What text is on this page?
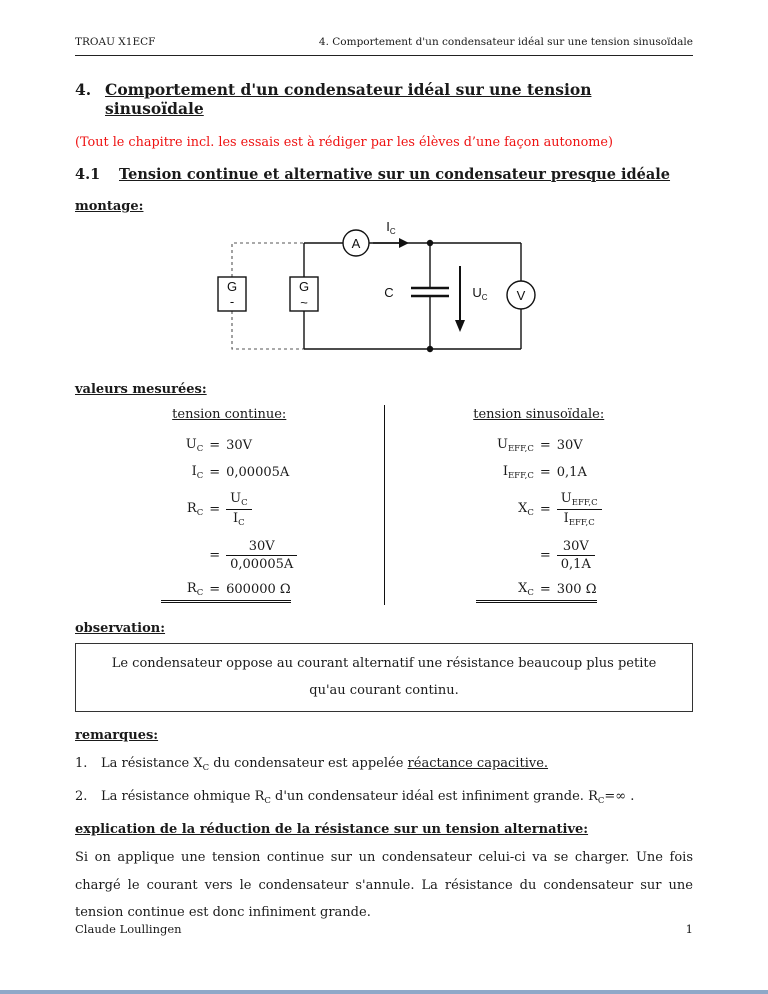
TROAU X1ECF	4. Comportement d'un condensateur idéal sur une tension sinusoïdale
4. Comportement d'un condensateur idéal sur une tension sinusoïdale

(Tout le chapitre incl. les essais est à rédiger par les élèves d’une façon autonome)

4.1	Tension continue et alternative sur un condensateur presque idéale

montage:

G
-
G
~
A
$I_C$
C	$U_C$ V

valeurs mesurées:

tension continue:
$U_C = 30V$
$I_C = 0,00005A$
$R_C = \frac{U_C}{I_C}$
= $\frac{30V}{0,00005A}$
$R_C = 600000$ Ω
tension sinusoïdale:
$U_{EFF,C} = 30V$
$I_{EFF,C} = 0,1A$
$X_C = \frac{U_{EFF,C}}{I_{EFF,C}}$
= $\frac{30V}{0,1A}$
$X_C = 300$ Ω

observation:

Le condensateur oppose au courant alternatif une résistance beaucoup plus petite qu'au courant continu.

remarques:

1.	La résistance $X_C$ du condensateur est appelée réactance capacitive.
2.	La résistance ohmique $R_C$ d'un condensateur idéal est infiniment grande. $R_C=\infty$ .

explication de la réduction de la résistance sur un tension alternative:

Si on applique une tension continue sur un condensateur celui-ci va se charger. Une fois chargé le courant vers le condensateur s'annule. La résistance du condensateur sur une tension continue est donc infiniment grande.

Claude Loullingen	1
